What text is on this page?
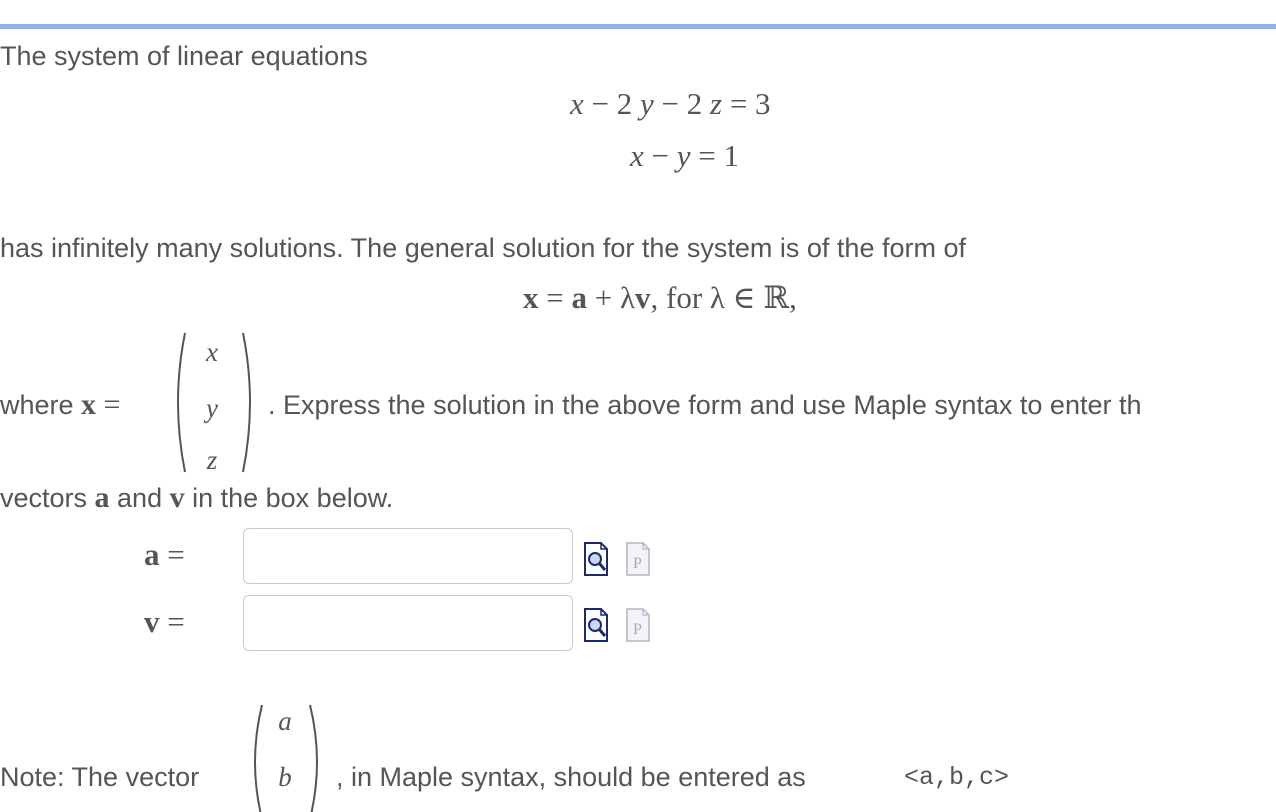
The system of linear equations
x − 2 y − 2 z = 3
x − y = 1
has infinitely many solutions. The general solution for the system is of the form of
x = a + λv, for λ ∈ ℝ,
where x =
x
y
z
. Express the solution in the above form and use Maple syntax to enter th
vectors a and v in the box below.
a =	P
v =	P
Note: The vector
a
b	, in Maple syntax, should be entered as	<a,b,c>
